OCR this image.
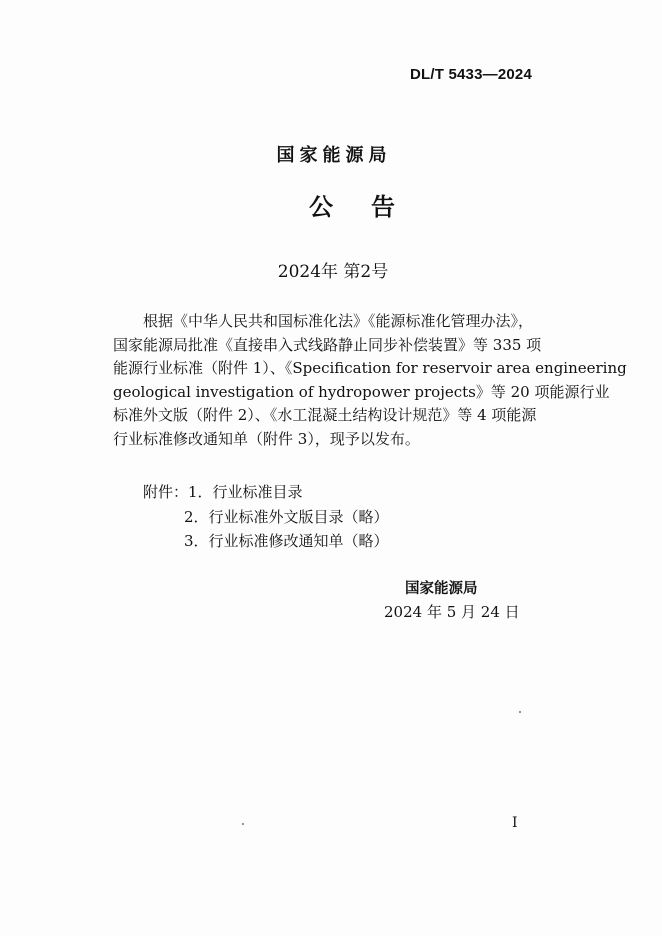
DL/T 5433—2024
国家能源局
公告
2024年 第2号
根据《中华人民共和国标准化法》《能源标准化管理办法》，
国家能源局批准《直接串入式线路静止同步补偿装置》等 335 项
能源行业标准（附件 1）、《Specification for reservoir area engineering
geological investigation of hydropower projects》等 20 项能源行业
标准外文版（附件 2）、《水工混凝土结构设计规范》等 4 项能源
行业标准修改通知单（附件 3），现予以发布。
附件：1．行业标准目录
2．行业标准外文版目录（略）
3．行业标准修改通知单（略）
国家能源局
2024 年 5 月 24 日
I
